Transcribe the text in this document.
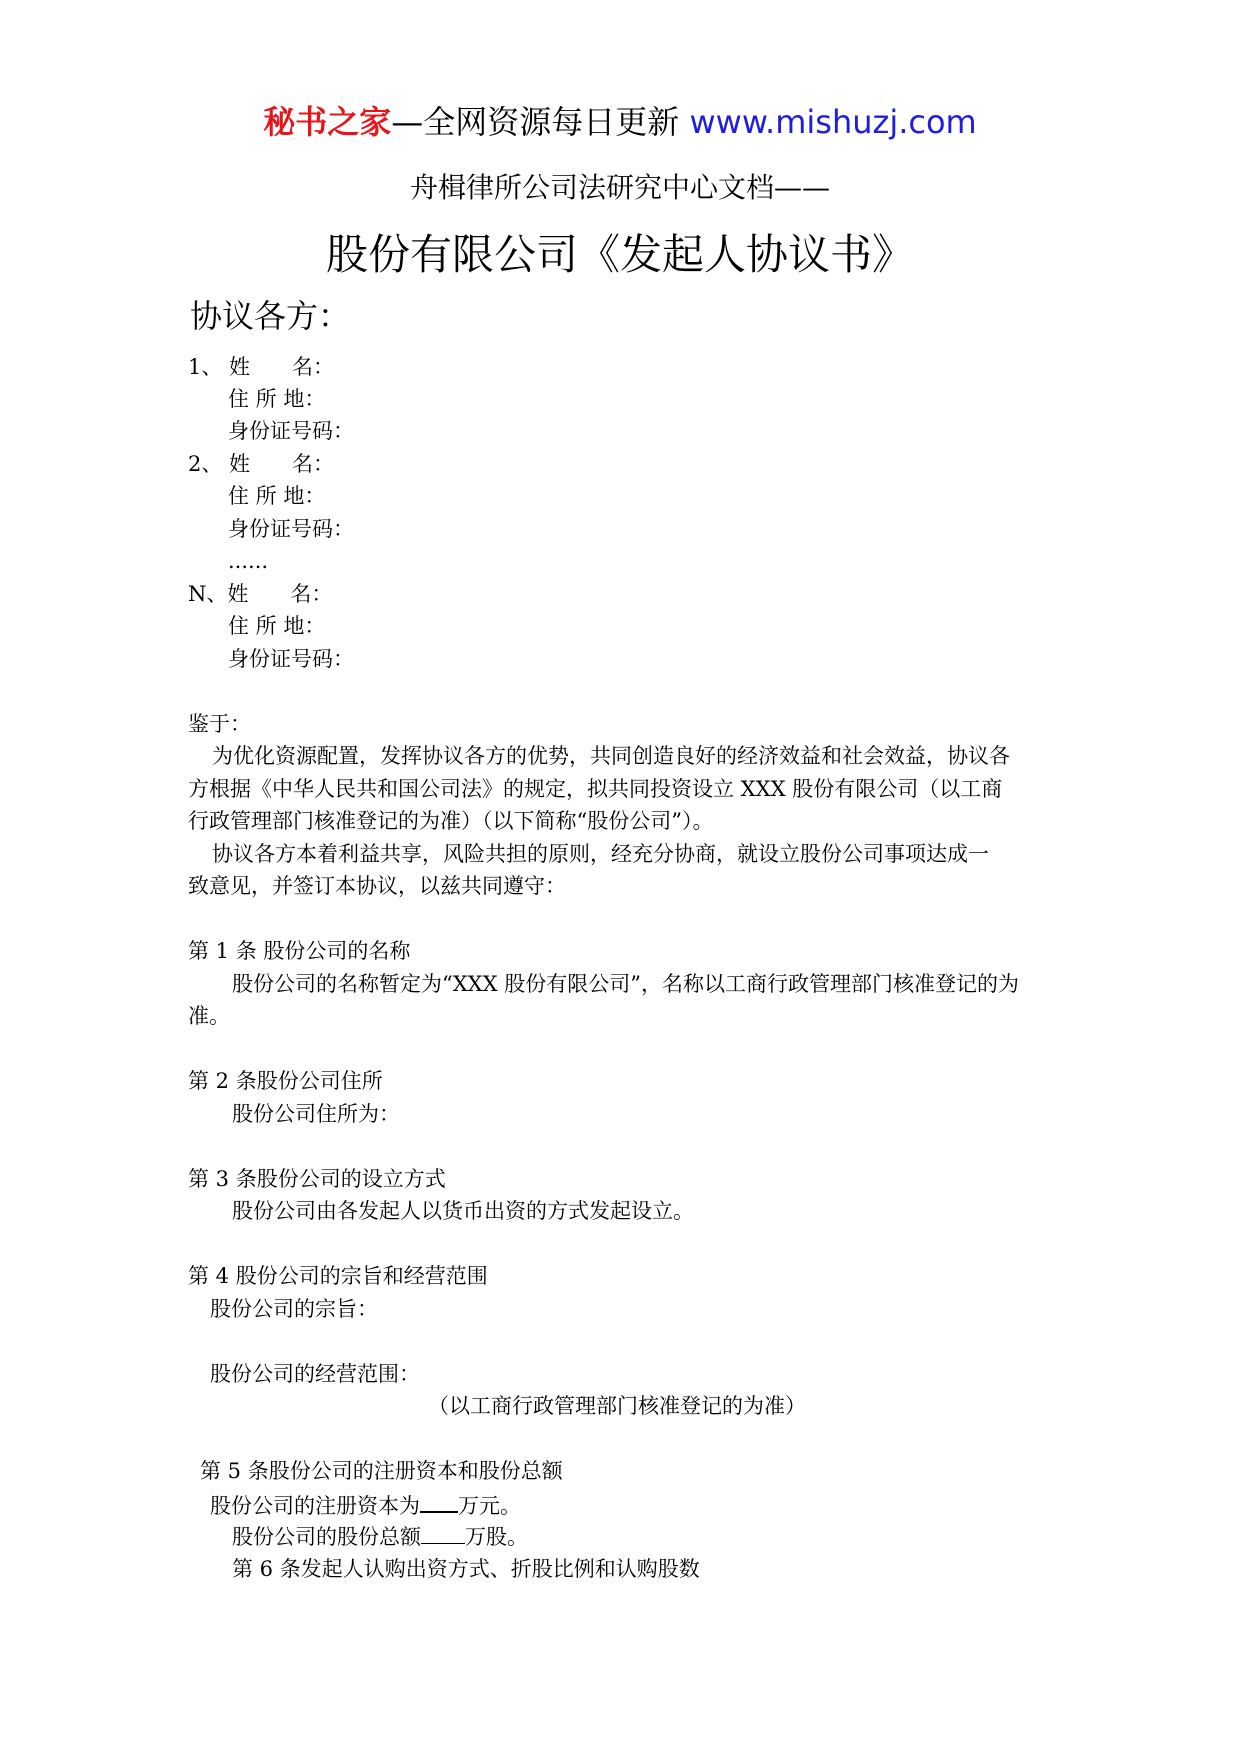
秘书之家—全网资源每日更新 www.mishuzj.com
舟楫律所公司法研究中心文档——
股份有限公司《发起人协议书》
协议各方：
1、 姓　　名：
住 所 地：
身份证号码：
2、 姓　　名：
住 所 地：
身份证号码：
......
N、姓　　名：
住 所 地：
身份证号码：
鉴于：
为优化资源配置，发挥协议各方的优势，共同创造良好的经济效益和社会效益，协议各
方根据《中华人民共和国公司法》的规定，拟共同投资设立 XXX 股份有限公司（以工商
行政管理部门核准登记的为准）（以下简称“股份公司”）。
协议各方本着利益共享，风险共担的原则，经充分协商，就设立股份公司事项达成一
致意见，并签订本协议，以兹共同遵守：
第 1 条 股份公司的名称
股份公司的名称暂定为“XXX 股份有限公司”，名称以工商行政管理部门核准登记的为
准。
第 2 条股份公司住所
股份公司住所为：
第 3 条股份公司的设立方式
股份公司由各发起人以货币出资的方式发起设立。
第 4 股份公司的宗旨和经营范围
股份公司的宗旨：
股份公司的经营范围：
（以工商行政管理部门核准登记的为准）
第 5 条股份公司的注册资本和股份总额
股份公司的注册资本为 万元。
股份公司的股份总额 万股。
第 6 条发起人认购出资方式、折股比例和认购股数
